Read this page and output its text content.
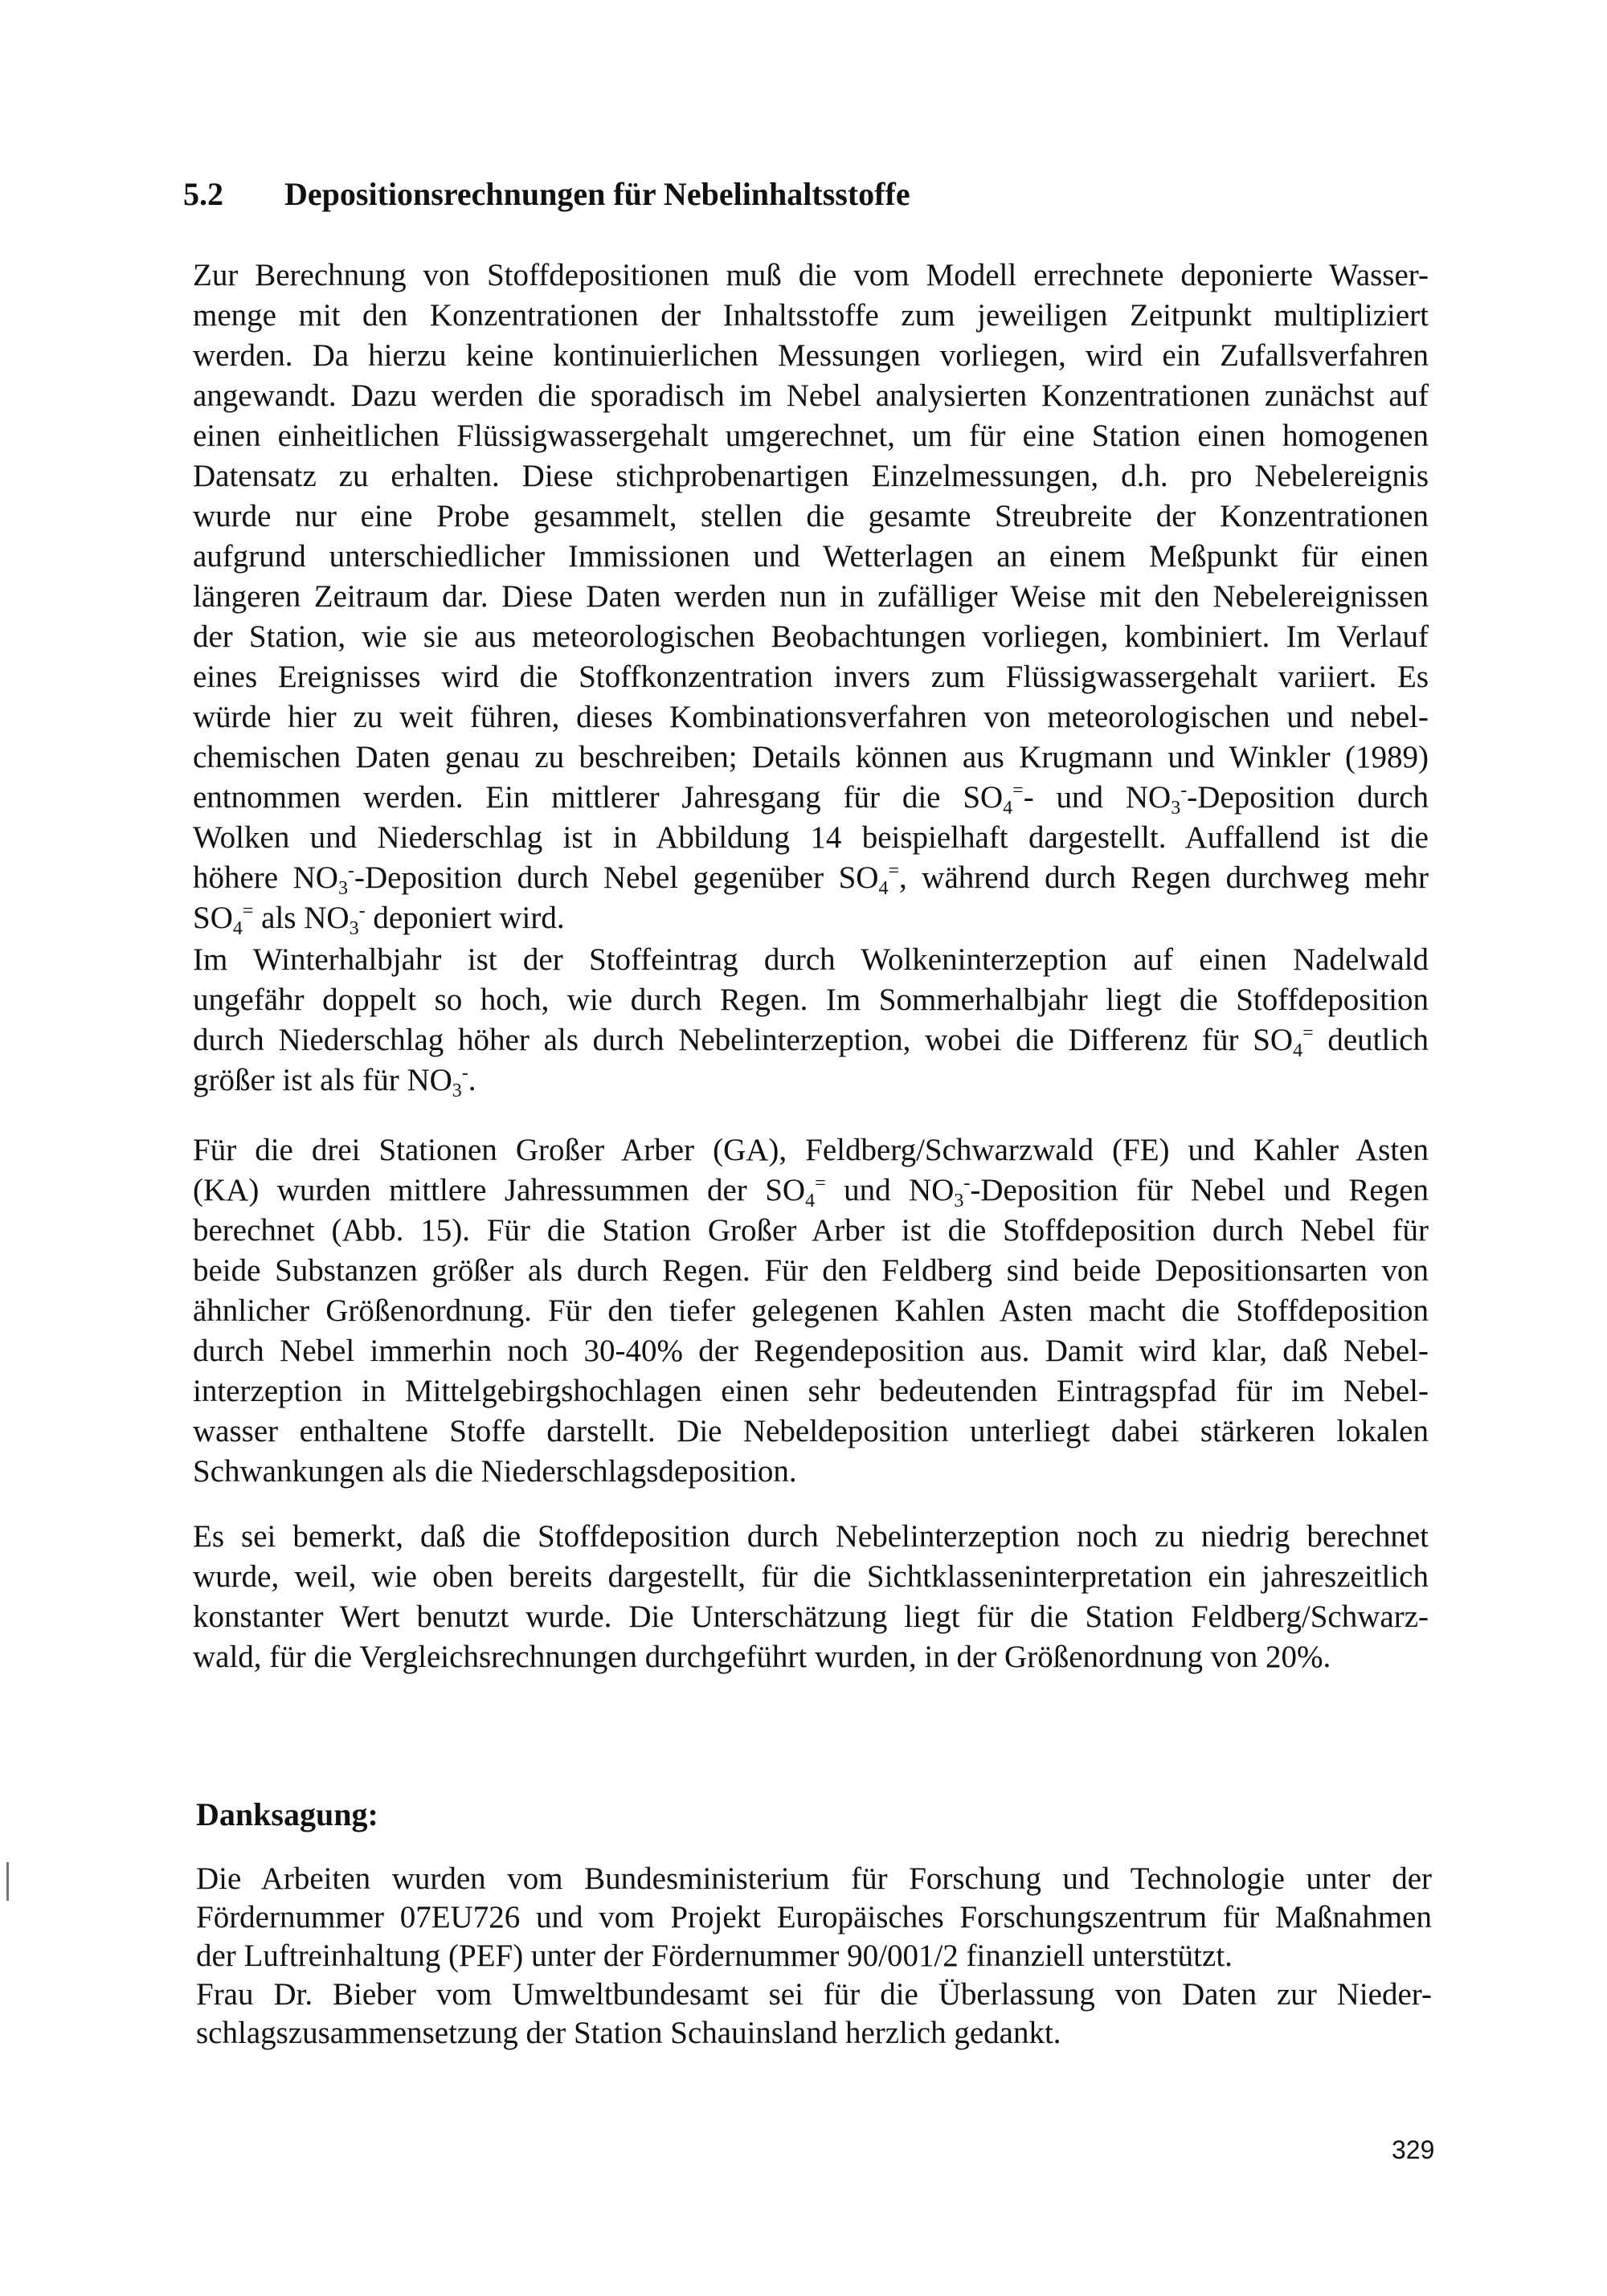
5.2 Depositionsrechnungen für Nebelinhaltsstoffe
Zur Berechnung von Stoffdepositionen muß die vom Modell errechnete deponierte Wasser-
menge mit den Konzentrationen der Inhaltsstoffe zum jeweiligen Zeitpunkt multipliziert
werden. Da hierzu keine kontinuierlichen Messungen vorliegen, wird ein Zufallsverfahren
angewandt. Dazu werden die sporadisch im Nebel analysierten Konzentrationen zunächst auf
einen einheitlichen Flüssigwassergehalt umgerechnet, um für eine Station einen homogenen
Datensatz zu erhalten. Diese stichprobenartigen Einzelmessungen, d.h. pro Nebelereignis
wurde nur eine Probe gesammelt, stellen die gesamte Streubreite der Konzentrationen
aufgrund unterschiedlicher Immissionen und Wetterlagen an einem Meßpunkt für einen
längeren Zeitraum dar. Diese Daten werden nun in zufälliger Weise mit den Nebelereignissen
der Station, wie sie aus meteorologischen Beobachtungen vorliegen, kombiniert. Im Verlauf
eines Ereignisses wird die Stoffkonzentration invers zum Flüssigwassergehalt variiert. Es
würde hier zu weit führen, dieses Kombinationsverfahren von meteorologischen und nebel-
chemischen Daten genau zu beschreiben; Details können aus Krugmann und Winkler (1989)
entnommen werden. Ein mittlerer Jahresgang für die $SO_4^=-$ und $NO_3^-$-Deposition durch
Wolken und Niederschlag ist in Abbildung 14 beispielhaft dargestellt. Auffallend ist die
höhere $NO_3^-$-Deposition durch Nebel gegenüber $SO_4^=$, während durch Regen durchweg mehr
$SO_4^=$ als $NO_3^-$ deponiert wird.
Im Winterhalbjahr ist der Stoffeintrag durch Wolkeninterzeption auf einen Nadelwald
ungefähr doppelt so hoch, wie durch Regen. Im Sommerhalbjahr liegt die Stoffdeposition
durch Niederschlag höher als durch Nebelinterzeption, wobei die Differenz für $SO_4^=$ deutlich
größer ist als für $NO_3^-$.
Für die drei Stationen Großer Arber (GA), Feldberg/Schwarzwald (FE) und Kahler Asten
(KA) wurden mittlere Jahressummen der $SO_4^=$ und $NO_3^-$-Deposition für Nebel und Regen
berechnet (Abb. 15). Für die Station Großer Arber ist die Stoffdeposition durch Nebel für
beide Substanzen größer als durch Regen. Für den Feldberg sind beide Depositionsarten von
ähnlicher Größenordnung. Für den tiefer gelegenen Kahlen Asten macht die Stoffdeposition
durch Nebel immerhin noch 30-40% der Regendeposition aus. Damit wird klar, daß Nebel-
interzeption in Mittelgebirgshochlagen einen sehr bedeutenden Eintragspfad für im Nebel-
wasser enthaltene Stoffe darstellt. Die Nebeldeposition unterliegt dabei stärkeren lokalen
Schwankungen als die Niederschlagsdeposition.
Es sei bemerkt, daß die Stoffdeposition durch Nebelinterzeption noch zu niedrig berechnet
wurde, weil, wie oben bereits dargestellt, für die Sichtklasseninterpretation ein jahreszeitlich
konstanter Wert benutzt wurde. Die Unterschätzung liegt für die Station Feldberg/Schwarz-
wald, für die Vergleichsrechnungen durchgeführt wurden, in der Größenordnung von 20%.
Danksagung:
Die Arbeiten wurden vom Bundesministerium für Forschung und Technologie unter der
Fördernummer 07EU726 und vom Projekt Europäisches Forschungszentrum für Maßnahmen
der Luftreinhaltung (PEF) unter der Fördernummer 90/001/2 finanziell unterstützt.
Frau Dr. Bieber vom Umweltbundesamt sei für die Überlassung von Daten zur Nieder-
schlagszusammensetzung der Station Schauinsland herzlich gedankt.
329
